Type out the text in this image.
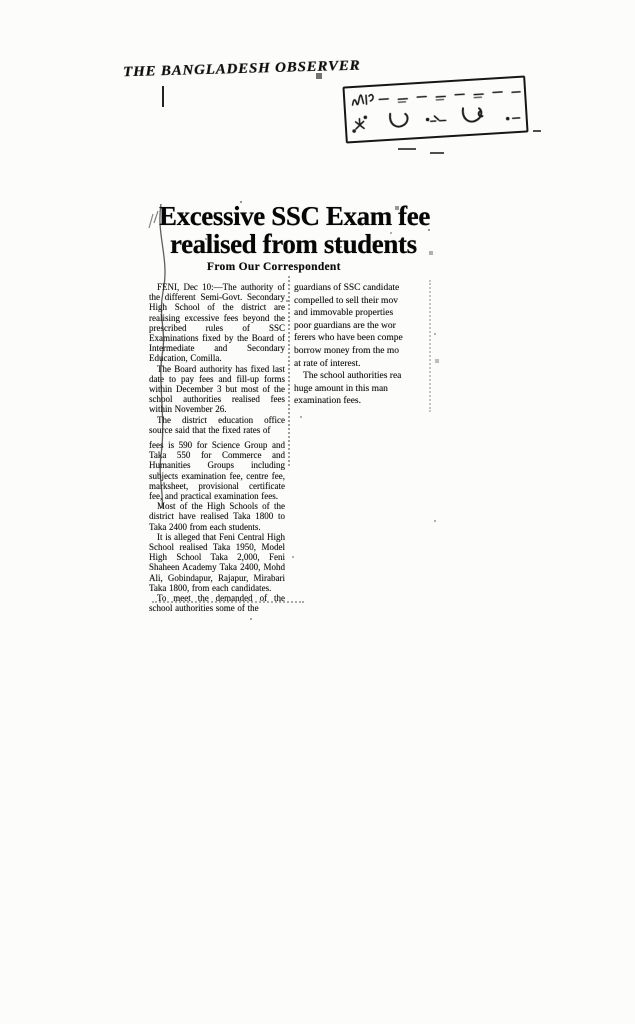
THE BANGLADESH OBSERVER
Excessive SSC Exam fee
realised from students
From Our Correspondent

FENI, Dec 10:—The authority of the different Semi-Govt. Secondary High School of the district are realising excessive fees beyond the prescribed rules of SSC Examinations fixed by the Board of Intermediate and Secondary Education, Comilla.

The Board authority has fixed last date to pay fees and fill-up forms within December 3 but most of the school authorities realised fees within November 26.

The district education office source said that the fixed rates of

fees is 590 for Science Group and Taka 550 for Commerce and Humanities Groups including subjects examination fee, centre fee, marksheet, provisional certificate fee, and practical examination fees.

Most of the High Schools of the district have realised Taka 1800 to Taka 2400 from each students.

It is alleged that Feni Central High School realised Taka 1950, Model High School Taka 2,000, Feni Shaheen Academy Taka 2400, Mohd Ali, Gobindapur, Rajapur, Mirabari Taka 1800, from each candidates.

To meet the demanded of the school authorities some of the

guardians of SSC candidate
compelled to sell their mov
and immovable properties
poor guardians are the wor
ferers who have been compe
borrow money from the mo
at rate of interest.
The school authorities rea
huge amount in this man
examination fees.
